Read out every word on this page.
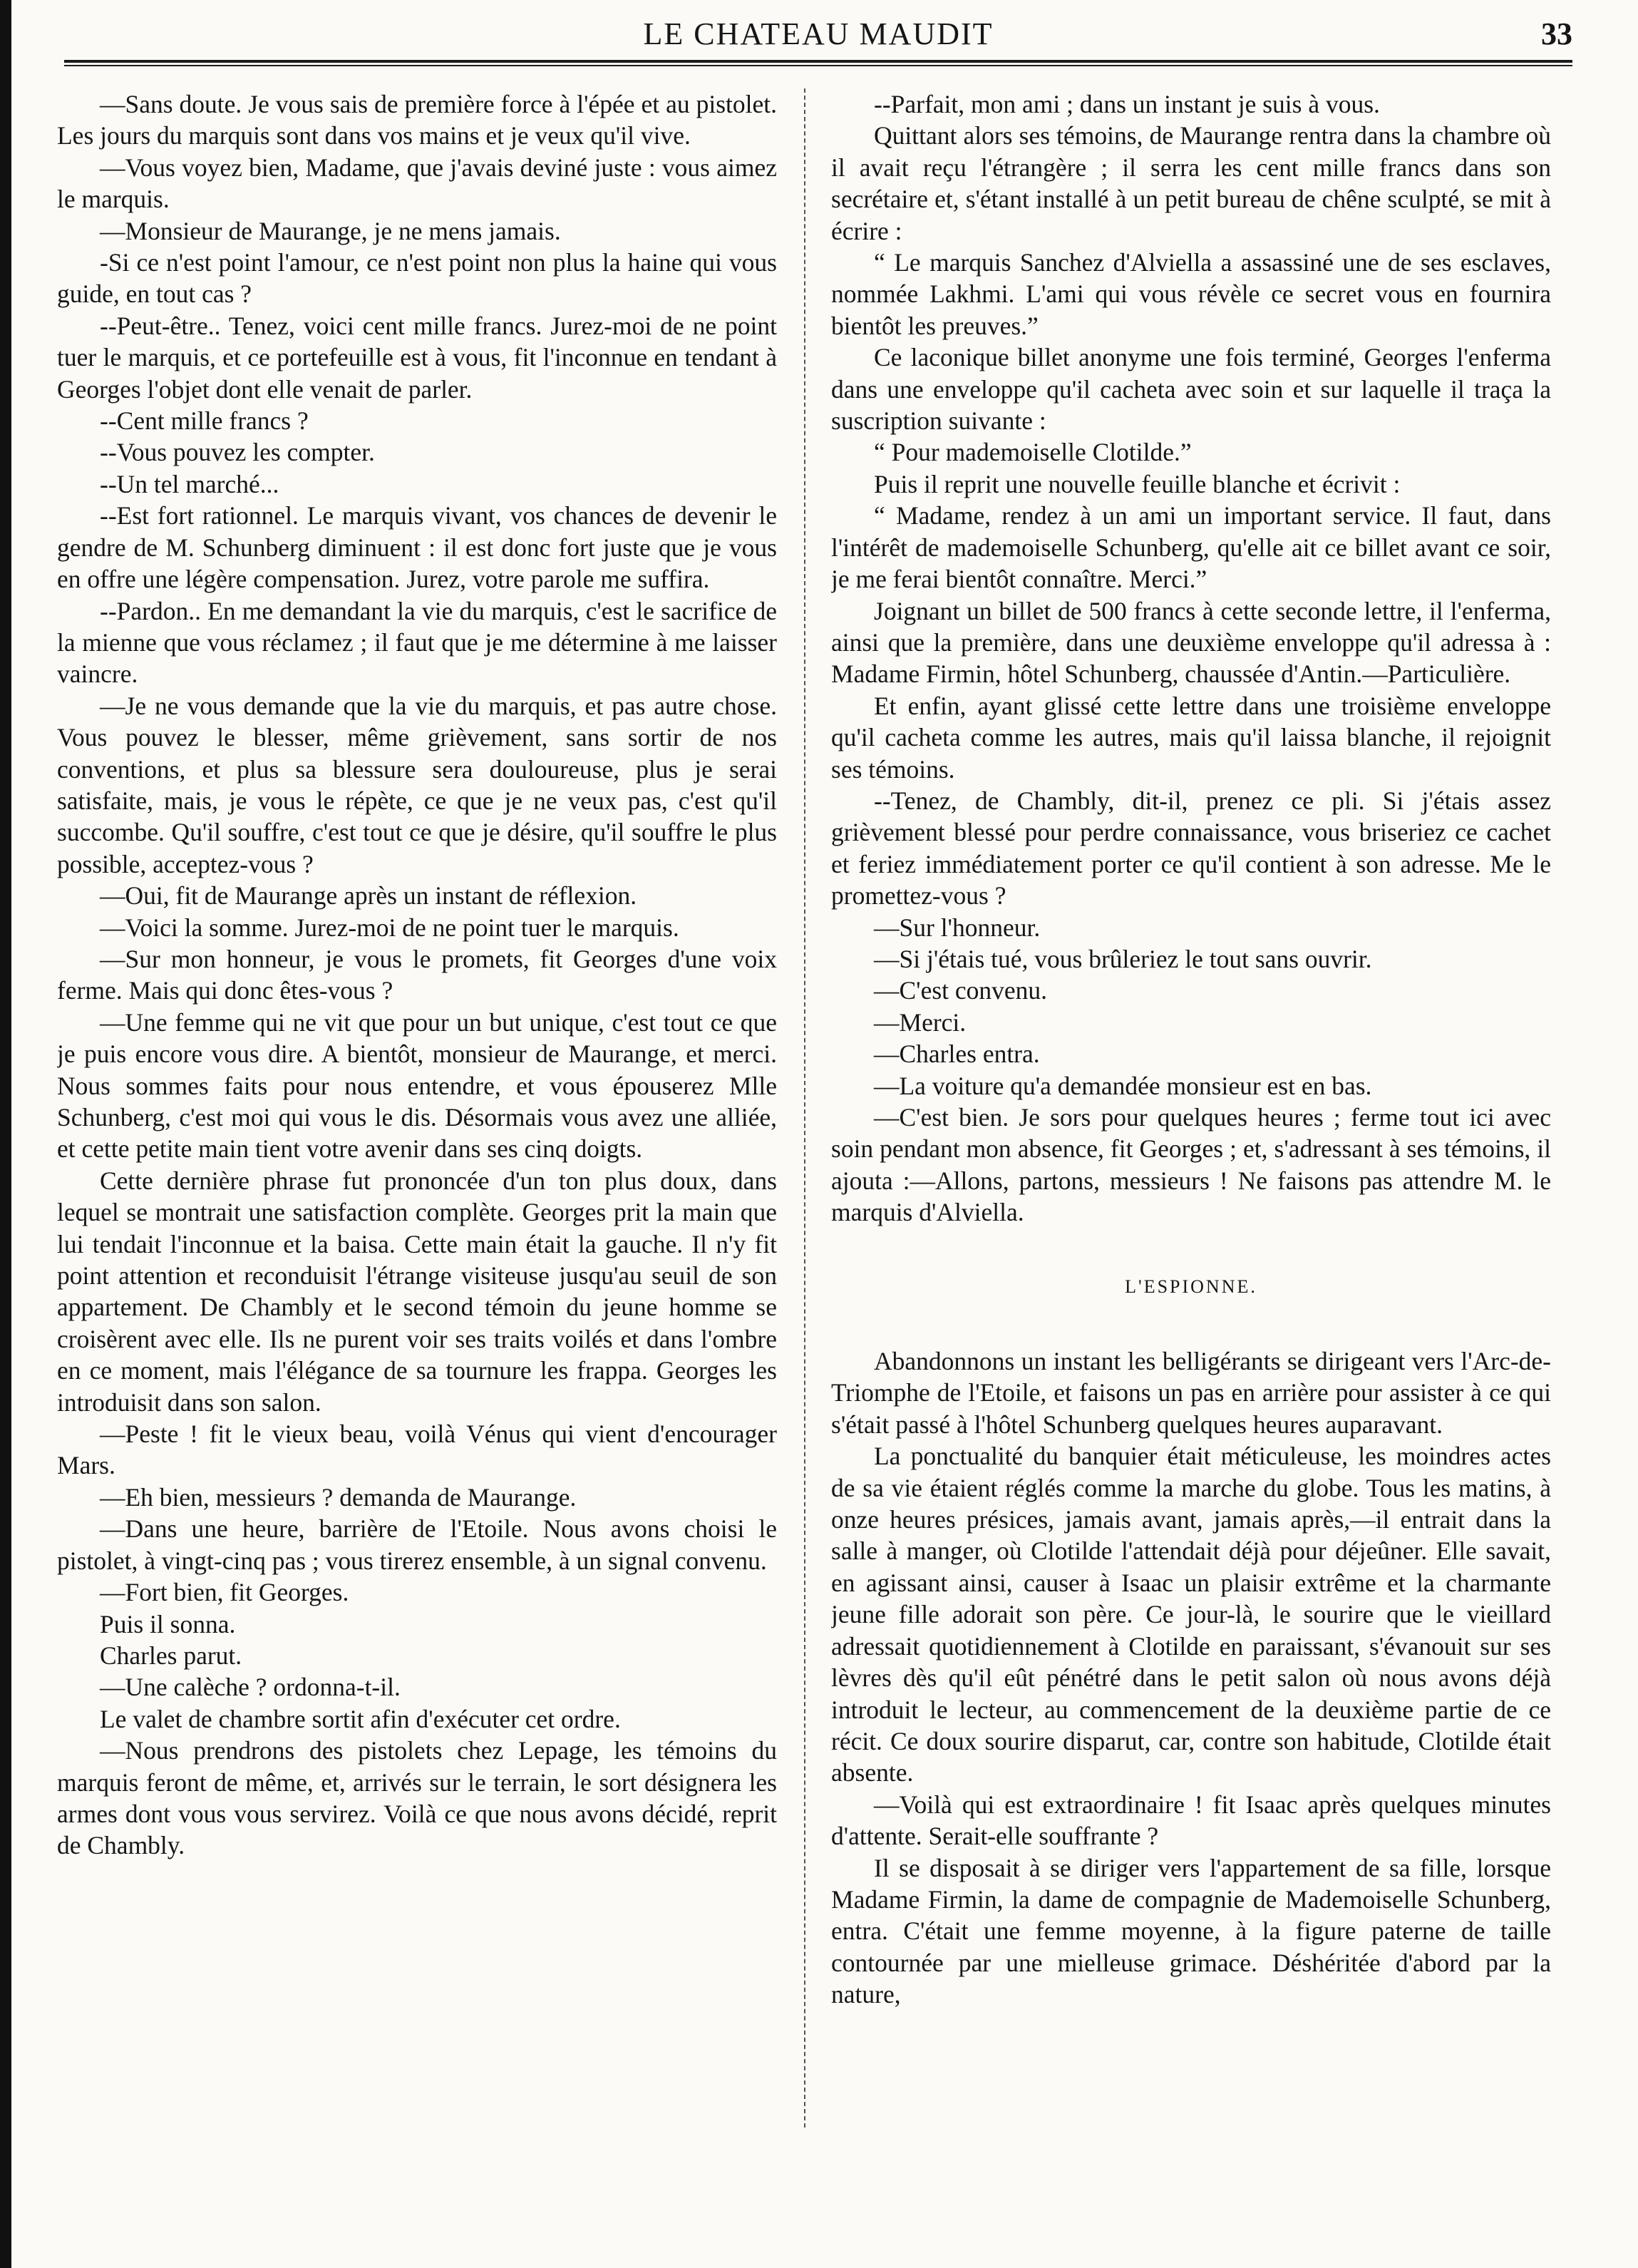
LE CHATEAU MAUDIT	33

—Sans doute. Je vous sais de première force à l'épée et au pistolet. Les jours du marquis sont dans vos mains et je veux qu'il vive.

—Vous voyez bien, Madame, que j'avais deviné juste : vous aimez le marquis.

—Monsieur de Maurange, je ne mens jamais.

-Si ce n'est point l'amour, ce n'est point non plus la haine qui vous guide, en tout cas ?

--Peut-être.. Tenez, voici cent mille francs. Jurez-moi de ne point tuer le marquis, et ce portefeuille est à vous, fit l'inconnue en tendant à Georges l'objet dont elle venait de parler.

--Cent mille francs ?

--Vous pouvez les compter.

--Un tel marché...

--Est fort rationnel. Le marquis vivant, vos chances de devenir le gendre de M. Schunberg diminuent : il est donc fort juste que je vous en offre une légère compensation. Jurez, votre parole me suffira.

--Pardon.. En me demandant la vie du marquis, c'est le sacrifice de la mienne que vous réclamez ; il faut que je me détermine à me laisser vaincre.

—Je ne vous demande que la vie du marquis, et pas autre chose. Vous pouvez le blesser, même grièvement, sans sortir de nos conventions, et plus sa blessure sera douloureuse, plus je serai satisfaite, mais, je vous le répète, ce que je ne veux pas, c'est qu'il succombe. Qu'il souffre, c'est tout ce que je désire, qu'il souffre le plus possible, acceptez-vous ?

—Oui, fit de Maurange après un instant de réflexion.

—Voici la somme. Jurez-moi de ne point tuer le marquis.

—Sur mon honneur, je vous le promets, fit Georges d'une voix ferme. Mais qui donc êtes-vous ?

—Une femme qui ne vit que pour un but unique, c'est tout ce que je puis encore vous dire. A bientôt, monsieur de Maurange, et merci. Nous sommes faits pour nous entendre, et vous épouserez Mlle Schunberg, c'est moi qui vous le dis. Désormais vous avez une alliée, et cette petite main tient votre avenir dans ses cinq doigts.

Cette dernière phrase fut prononcée d'un ton plus doux, dans lequel se montrait une satisfaction complète. Georges prit la main que lui tendait l'inconnue et la baisa. Cette main était la gauche. Il n'y fit point attention et reconduisit l'étrange visiteuse jusqu'au seuil de son appartement. De Chambly et le second témoin du jeune homme se croisèrent avec elle. Ils ne purent voir ses traits voilés et dans l'ombre en ce moment, mais l'élégance de sa tournure les frappa. Georges les introduisit dans son salon.

—Peste ! fit le vieux beau, voilà Vénus qui vient d'encourager Mars.

—Eh bien, messieurs ? demanda de Maurange.

—Dans une heure, barrière de l'Etoile. Nous avons choisi le pistolet, à vingt-cinq pas ; vous tirerez ensemble, à un signal convenu.

—Fort bien, fit Georges.

Puis il sonna.

Charles parut.

—Une calèche ? ordonna-t-il.

Le valet de chambre sortit afin d'exécuter cet ordre.

—Nous prendrons des pistolets chez Lepage, les témoins du marquis feront de même, et, arrivés sur le terrain, le sort désignera les armes dont vous vous servirez. Voilà ce que nous avons décidé, reprit de Chambly.

--Parfait, mon ami ; dans un instant je suis à vous.

Quittant alors ses témoins, de Maurange rentra dans la chambre où il avait reçu l'étrangère ; il serra les cent mille francs dans son secrétaire et, s'étant installé à un petit bureau de chêne sculpté, se mit à écrire :

“ Le marquis Sanchez d'Alviella a assassiné une de ses esclaves, nommée Lakhmi. L'ami qui vous révèle ce secret vous en fournira bientôt les preuves.”

Ce laconique billet anonyme une fois terminé, Georges l'enferma dans une enveloppe qu'il cacheta avec soin et sur laquelle il traça la suscription suivante :

“ Pour mademoiselle Clotilde.”

Puis il reprit une nouvelle feuille blanche et écrivit :

“ Madame, rendez à un ami un important service. Il faut, dans l'intérêt de mademoiselle Schunberg, qu'elle ait ce billet avant ce soir, je me ferai bientôt connaître. Merci.”

Joignant un billet de 500 francs à cette seconde lettre, il l'enferma, ainsi que la première, dans une deuxième enveloppe qu'il adressa à : Madame Firmin, hôtel Schunberg, chaussée d'Antin.—Particulière.

Et enfin, ayant glissé cette lettre dans une troisième enveloppe qu'il cacheta comme les autres, mais qu'il laissa blanche, il rejoignit ses témoins.

--Tenez, de Chambly, dit-il, prenez ce pli. Si j'étais assez grièvement blessé pour perdre connaissance, vous briseriez ce cachet et feriez immédiatement porter ce qu'il contient à son adresse. Me le promettez-vous ?

—Sur l'honneur.

—Si j'étais tué, vous brûleriez le tout sans ouvrir.

—C'est convenu.

—Merci.

—Charles entra.

—La voiture qu'a demandée monsieur est en bas.

—C'est bien. Je sors pour quelques heures ; ferme tout ici avec soin pendant mon absence, fit Georges ; et, s'adressant à ses témoins, il ajouta :—Allons, partons, messieurs ! Ne faisons pas attendre M. le marquis d'Alviella.

L'ESPIONNE.

Abandonnons un instant les belligérants se dirigeant vers l'Arc-de-Triomphe de l'Etoile, et faisons un pas en arrière pour assister à ce qui s'était passé à l'hôtel Schunberg quelques heures auparavant.

La ponctualité du banquier était méticuleuse, les moindres actes de sa vie étaient réglés comme la marche du globe. Tous les matins, à onze heures présices, jamais avant, jamais après,—il entrait dans la salle à manger, où Clotilde l'attendait déjà pour déjeûner. Elle savait, en agissant ainsi, causer à Isaac un plaisir extrême et la charmante jeune fille adorait son père. Ce jour-là, le sourire que le vieillard adressait quotidiennement à Clotilde en paraissant, s'évanouit sur ses lèvres dès qu'il eût pénétré dans le petit salon où nous avons déjà introduit le lecteur, au commencement de la deuxième partie de ce récit. Ce doux sourire disparut, car, contre son habitude, Clotilde était absente.

—Voilà qui est extraordinaire ! fit Isaac après quelques minutes d'attente. Serait-elle souffrante ?

Il se disposait à se diriger vers l'appartement de sa fille, lorsque Madame Firmin, la dame de compagnie de Mademoiselle Schunberg, entra. C'était une femme moyenne, à la figure paterne de taille contournée par une mielleuse grimace. Déshéritée d'abord par la nature,
